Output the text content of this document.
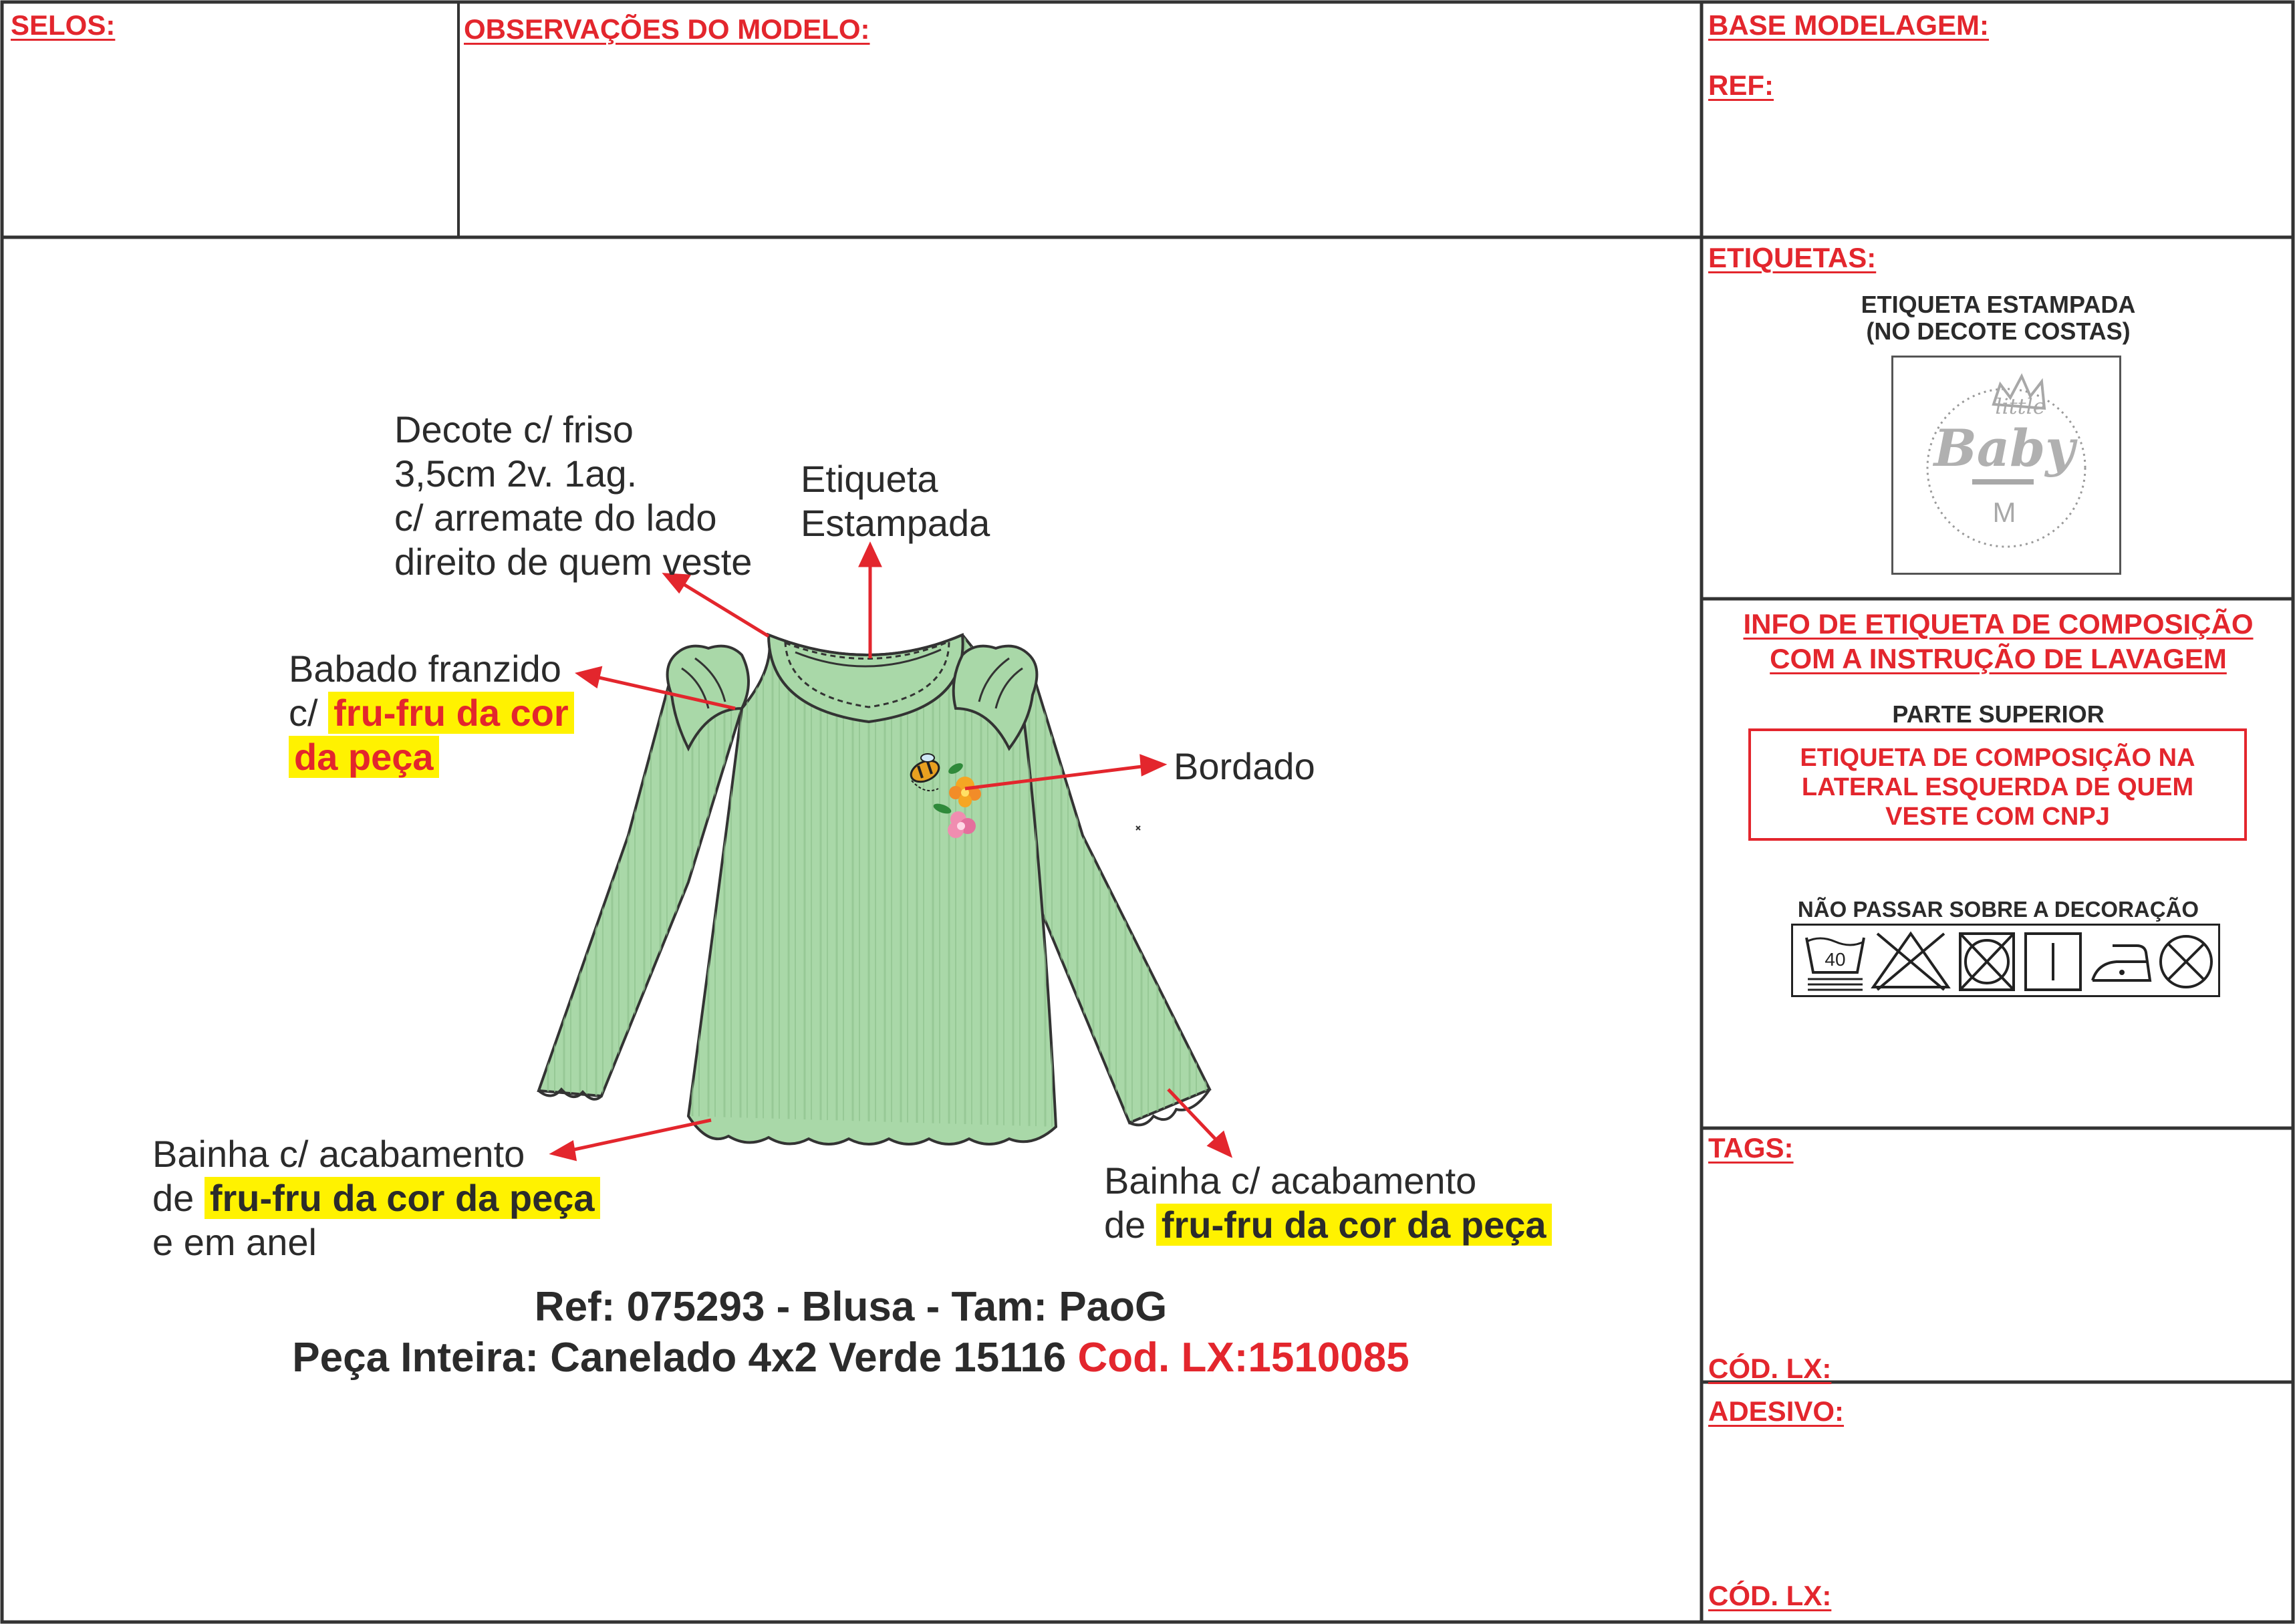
SELOS:	OBSERVAÇÕES DO MODELO:	BASE MODELAGEM:
REF:
ETIQUETAS:
ETIQUETA ESTAMPADA
(NO DECOTE COSTAS)
little
Baby
M
INFO DE ETIQUETA DE COMPOSIÇÃO
COM A INSTRUÇÃO DE LAVAGEM
PARTE SUPERIOR
ETIQUETA DE COMPOSIÇÃO NA
LATERAL ESQUERDA DE QUEM
VESTE COM CNPJ
NÃO PASSAR SOBRE A DECORAÇÃO
40
TAGS:
CÓD. LX:
ADESIVO:
CÓD. LX:
Decote c/ friso
3,5cm 2v. 1ag.
c/ arremate do lado
direito de quem veste
Etiqueta
Estampada
Babado franzido
c/ fru-fru da cor
da peça	Bordado
Bainha c/ acabamento
de fru-fru da cor da peça
e em anel
Bainha c/ acabamento
de fru-fru da cor da peça
Ref: 075293 - Blusa - Tam: PaoG
Peça Inteira: Canelado 4x2 Verde 15116 Cod. LX:1510085
